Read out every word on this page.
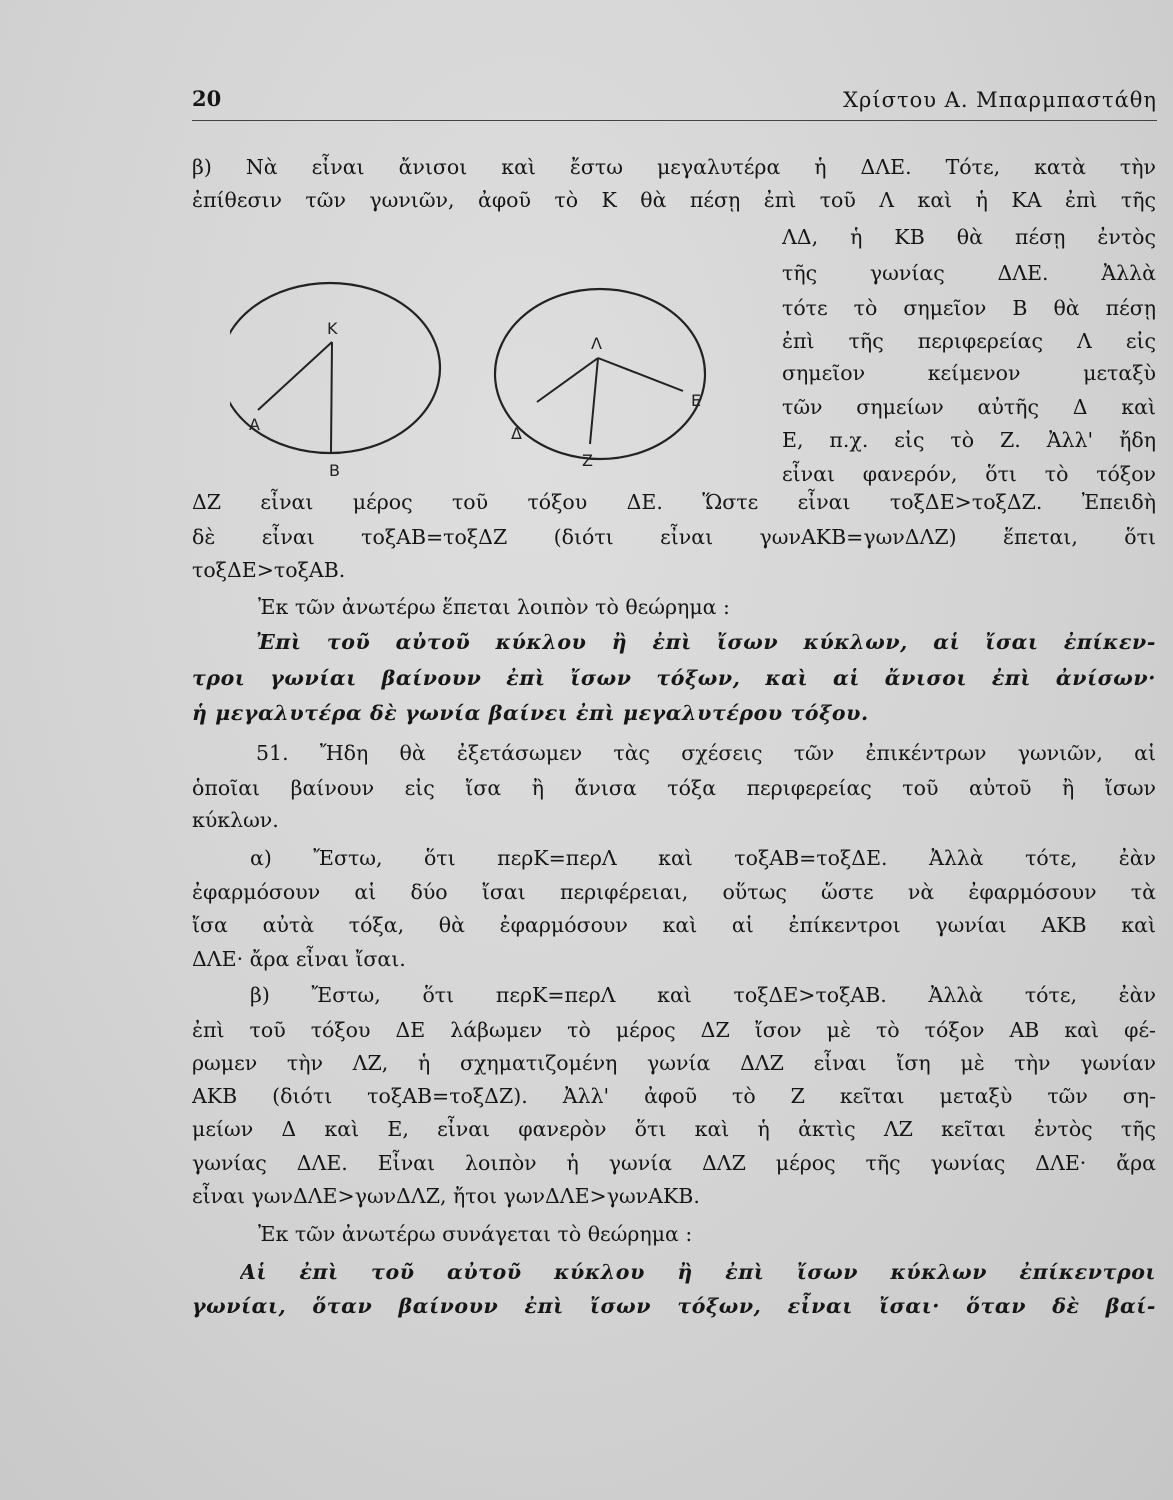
20	Χρίστου Α. Μπαρμπαστάθη
Κ
Α
Β
Λ
Ε
Δ
Ζ
β) Νὰ εἶναι ἄνισοι καὶ ἔστω μεγαλυτέρα ἡ ΔΛΕ. Τότε, κατὰ τὴν
ἐπίθεσιν τῶν γωνιῶν, ἀφοῦ τὸ Κ θὰ πέσῃ ἐπὶ τοῦ Λ καὶ ἡ ΚΑ ἐπὶ τῆς
ΛΔ, ἡ ΚΒ θὰ πέσῃ ἐντὸς
τῆς γωνίας ΔΛΕ. Ἀλλὰ
τότε τὸ σημεῖον Β θὰ πέσῃ
ἐπὶ τῆς περιφερείας Λ εἰς
σημεῖον κείμενον μεταξὺ
τῶν σημείων αὐτῆς Δ καὶ
Ε, π.χ. εἰς τὸ Ζ. Ἀλλ' ἤδη
εἶναι φανερόν, ὅτι τὸ τόξον
ΔΖ εἶναι μέρος τοῦ τόξου ΔΕ. Ὥστε εἶναι τοξΔΕ>τοξΔΖ. Ἐπειδὴ
δὲ εἶναι τοξΑΒ=τοξΔΖ (διότι εἶναι γωνΑΚΒ=γωνΔΛΖ) ἕπεται, ὅτι
τοξΔΕ>τοξΑΒ.
Ἐκ τῶν ἀνωτέρω ἕπεται λοιπὸν τὸ θεώρημα :
Ἐπὶ τοῦ αὐτοῦ κύκλου ἢ ἐπὶ ἴσων κύκλων, αἱ ἴσαι ἐπίκεν-
τροι γωνίαι βαίνουν ἐπὶ ἴσων τόξων, καὶ αἱ ἄνισοι ἐπὶ ἀνίσων·
ἡ μεγαλυτέρα δὲ γωνία βαίνει ἐπὶ μεγαλυτέρου τόξου.
51. Ἤδη θὰ ἐξετάσωμεν τὰς σχέσεις τῶν ἐπικέντρων γωνιῶν, αἱ
ὁποῖαι βαίνουν εἰς ἴσα ἢ ἄνισα τόξα περιφερείας τοῦ αὐτοῦ ἢ ἴσων
κύκλων.
α) Ἔστω, ὅτι περΚ=περΛ καὶ τοξΑΒ=τοξΔΕ. Ἀλλὰ τότε, ἐὰν
ἐφαρμόσουν αἱ δύο ἴσαι περιφέρειαι, οὕτως ὥστε νὰ ἐφαρμόσουν τὰ
ἴσα αὐτὰ τόξα, θὰ ἐφαρμόσουν καὶ αἱ ἐπίκεντροι γωνίαι ΑΚΒ καὶ
ΔΛΕ· ἄρα εἶναι ἴσαι.
β) Ἔστω, ὅτι περΚ=περΛ καὶ τοξΔΕ>τοξΑΒ. Ἀλλὰ τότε, ἐὰν
ἐπὶ τοῦ τόξου ΔΕ λάβωμεν τὸ μέρος ΔΖ ἴσον μὲ τὸ τόξον ΑΒ καὶ φέ-
ρωμεν τὴν ΛΖ, ἡ σχηματιζομένη γωνία ΔΛΖ εἶναι ἴση μὲ τὴν γωνίαν
ΑΚΒ (διότι τοξΑΒ=τοξΔΖ). Ἀλλ' ἀφοῦ τὸ Ζ κεῖται μεταξὺ τῶν ση-
μείων Δ καὶ Ε, εἶναι φανερὸν ὅτι καὶ ἡ ἀκτὶς ΛΖ κεῖται ἐντὸς τῆς
γωνίας ΔΛΕ. Εἶναι λοιπὸν ἡ γωνία ΔΛΖ μέρος τῆς γωνίας ΔΛΕ· ἄρα
εἶναι γωνΔΛΕ>γωνΔΛΖ, ἤτοι γωνΔΛΕ>γωνΑΚΒ.
Ἐκ τῶν ἀνωτέρω συνάγεται τὸ θεώρημα :
Αἱ ἐπὶ τοῦ αὐτοῦ κύκλου ἢ ἐπὶ ἴσων κύκλων ἐπίκεντροι
γωνίαι, ὅταν βαίνουν ἐπὶ ἴσων τόξων, εἶναι ἴσαι· ὅταν δὲ βαί-
